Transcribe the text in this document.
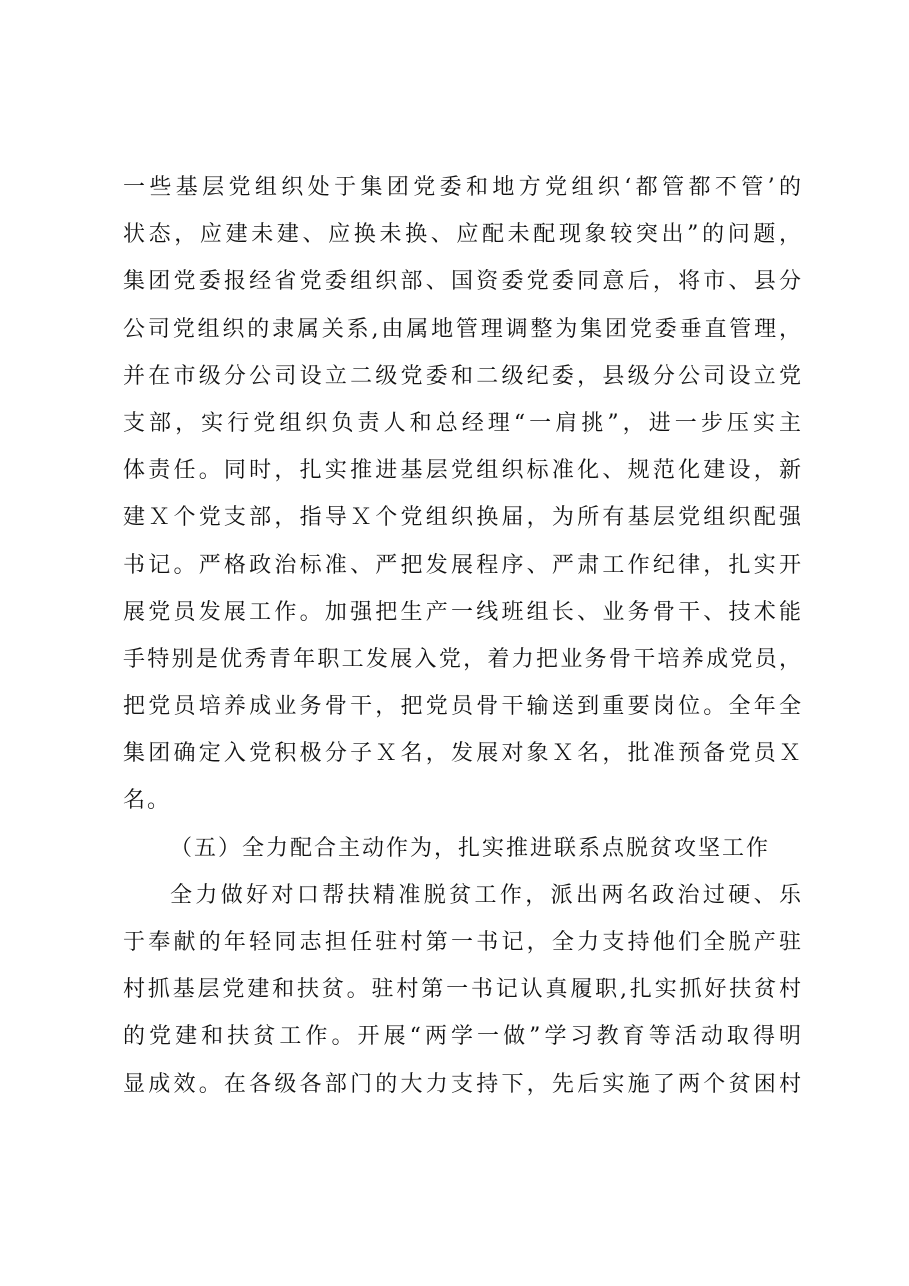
一些基层党组织处于集团党委和地方党组织‘都管都不管’的
状态，应建未建、应换未换、应配未配现象较突出”的问题，
集团党委报经省党委组织部、国资委党委同意后，将市、县分
公司党组织的隶属关系,由属地管理调整为集团党委垂直管理，
并在市级分公司设立二级党委和二级纪委，县级分公司设立党
支部，实行党组织负责人和总经理“一肩挑”，进一步压实主
体责任。同时，扎实推进基层党组织标准化、规范化建设，新
建Ｘ个党支部，指导Ｘ个党组织换届，为所有基层党组织配强
书记。严格政治标准、严把发展程序、严肃工作纪律，扎实开
展党员发展工作。加强把生产一线班组长、业务骨干、技术能
手特别是优秀青年职工发展入党，着力把业务骨干培养成党员，
把党员培养成业务骨干，把党员骨干输送到重要岗位。全年全
集团确定入党积极分子Ｘ名，发展对象Ｘ名，批准预备党员Ｘ
名。
（五）全力配合主动作为，扎实推进联系点脱贫攻坚工作
全力做好对口帮扶精准脱贫工作，派出两名政治过硬、乐
于奉献的年轻同志担任驻村第一书记，全力支持他们全脱产驻
村抓基层党建和扶贫。驻村第一书记认真履职,扎实抓好扶贫村
的党建和扶贫工作。开展“两学一做”学习教育等活动取得明
显成效。在各级各部门的大力支持下，先后实施了两个贫困村
